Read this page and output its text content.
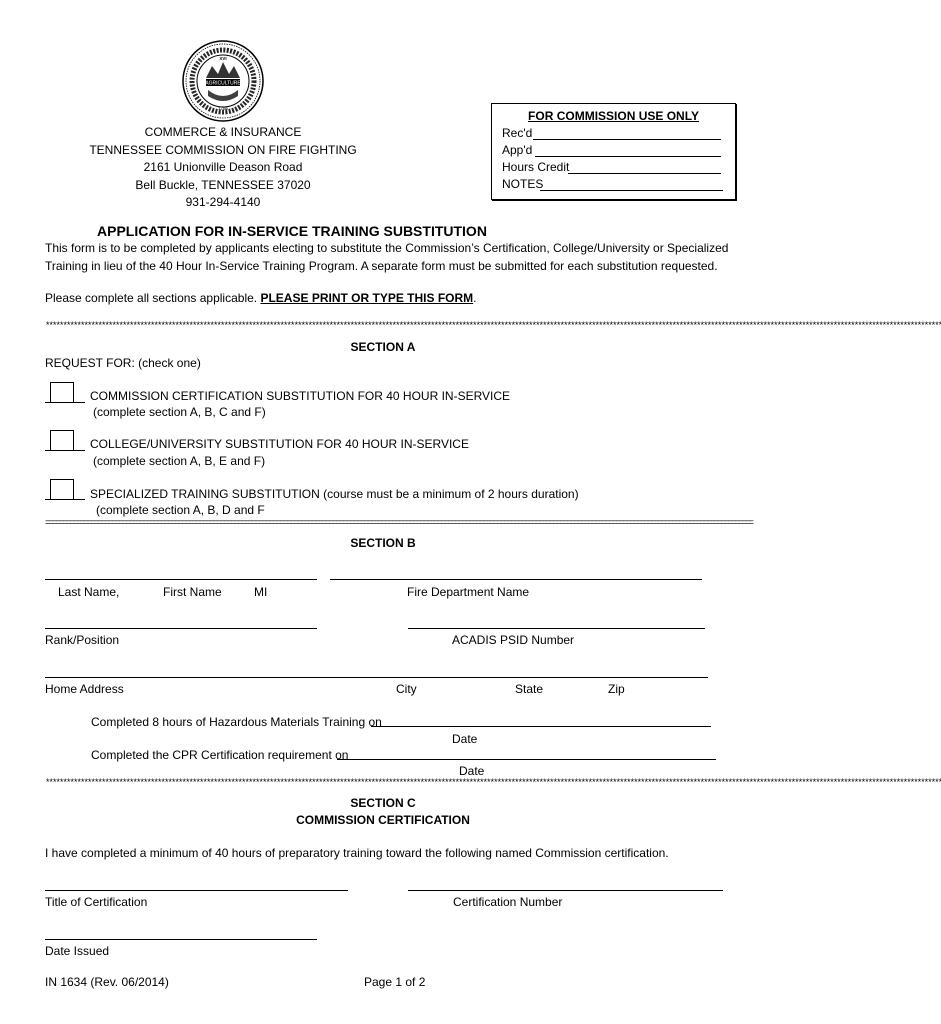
AGRICULTURE
XVI
1796
COMMERCE & INSURANCE
TENNESSEE COMMISSION ON FIRE FIGHTING
2161 Unionville Deason Road
Bell Buckle, TENNESSEE 37020
931-294-4140
FOR COMMISSION USE ONLY
Rec'd
App'd
Hours Credit
NOTES
APPLICATION FOR IN-SERVICE TRAINING SUBSTITUTION
This form is to be completed by applicants electing to substitute the Commission’s Certification, College/University or Specialized
Training in lieu of the 40 Hour In-Service Training Program. A separate form must be submitted for each substitution requested.
Please complete all sections applicable. PLEASE PRINT OR TYPE THIS FORM.
****************************************************************************************************************************************************************************************************************************************************************
SECTION A
REQUEST FOR: (check one)
COMMISSION CERTIFICATION SUBSTITUTION FOR 40 HOUR IN-SERVICE
(complete section A, B, C and F)
COLLEGE/UNIVERSITY SUBSTITUTION FOR 40 HOUR IN-SERVICE
(complete section A, B, E and F)
SPECIALIZED TRAINING SUBSTITUTION (course must be a minimum of 2 hours duration)
(complete section A, B, D and F
==========================================================================================================================================================================================================
SECTION B
Last Name,	First Name	MI	Fire Department Name
Rank/Position	ACADIS PSID Number
Home Address	City	State	Zip
Completed 8 hours of Hazardous Materials Training on
Date
Completed the CPR Certification requirement on
Date
****************************************************************************************************************************************************************************************************************************************************************
SECTION C
COMMISSION CERTIFICATION
I have completed a minimum of 40 hours of preparatory training toward the following named Commission certification.
Title of Certification	Certification Number
Date Issued
IN 1634 (Rev. 06/2014)	Page 1 of 2
